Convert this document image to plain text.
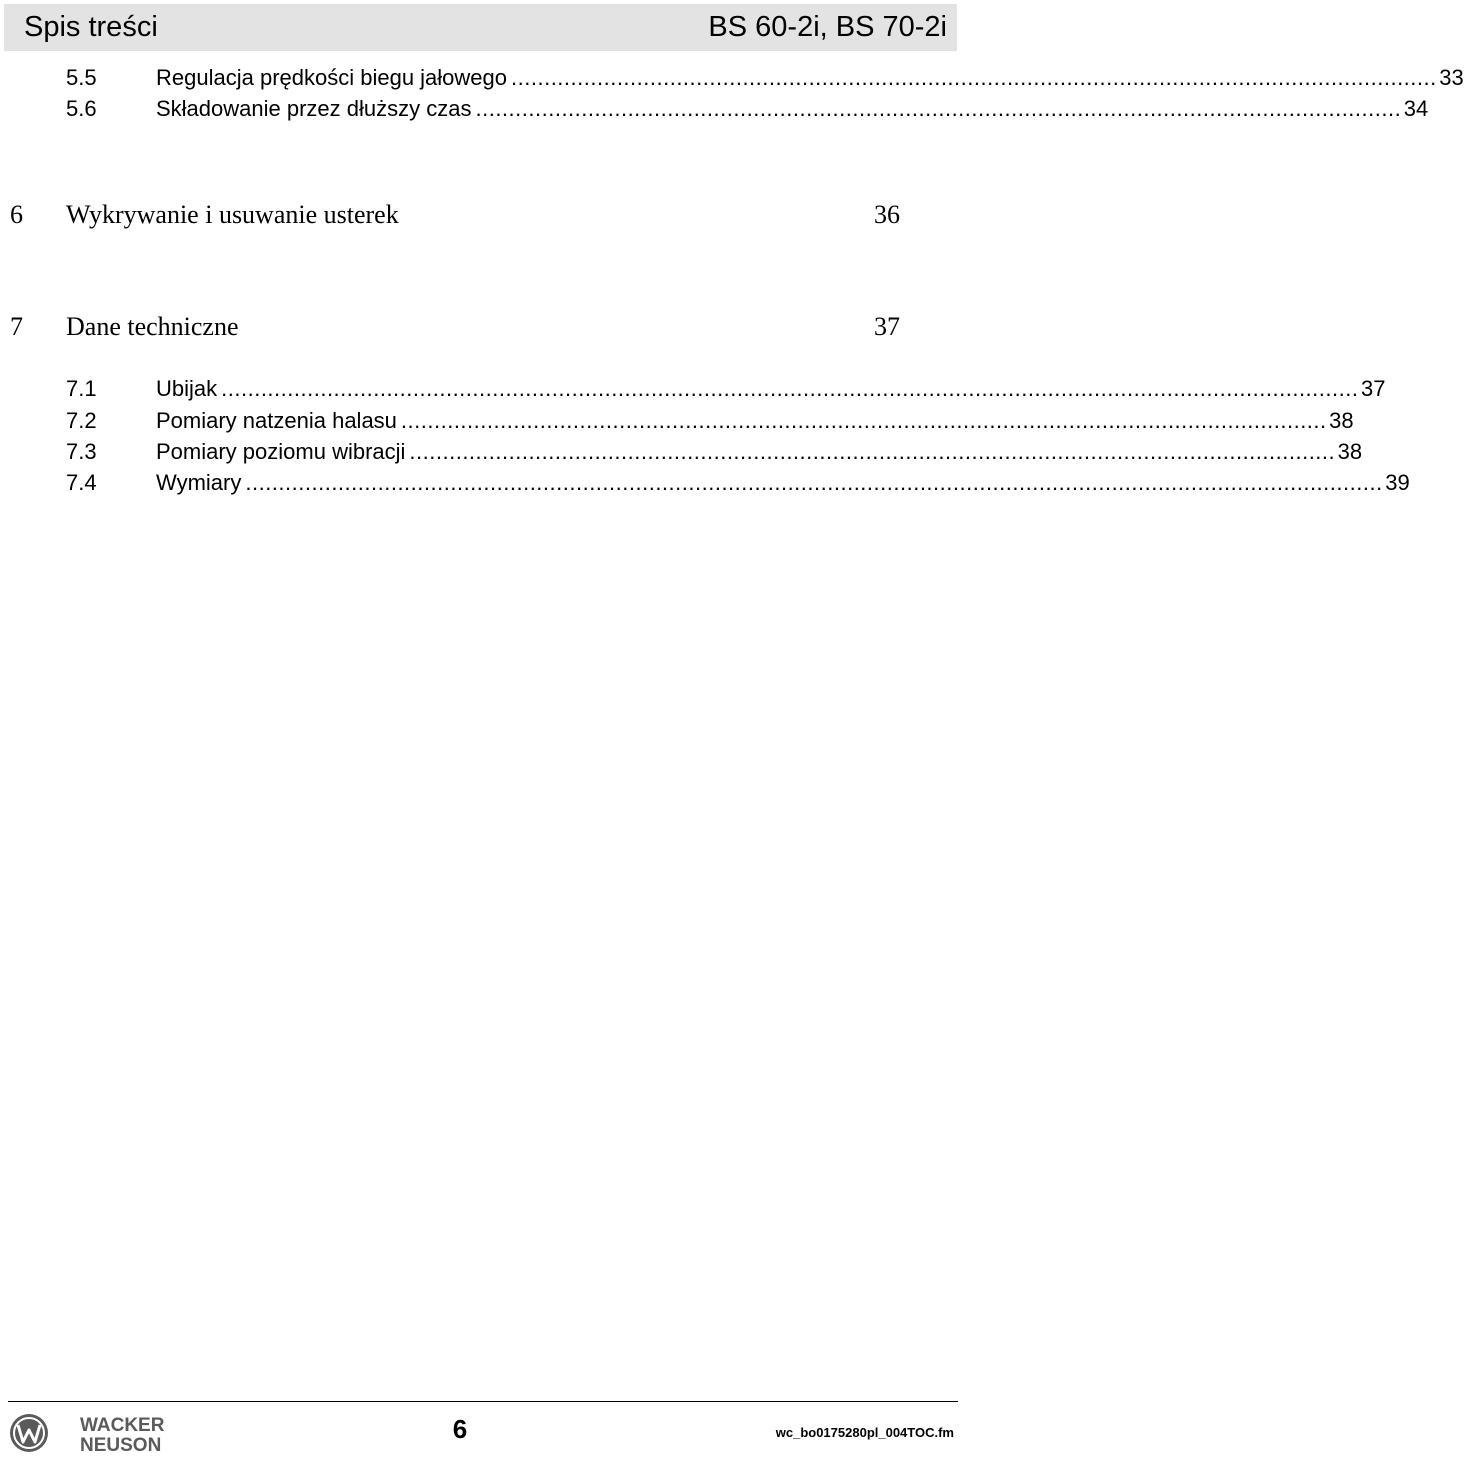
Spis treści	BS 60-2i, BS 70-2i
5.5	Regulacja prędkości biegu jałowego ............................................................................................................................................ 33
5.6	Składowanie przez dłuższy czas ............................................................................................................................................ 34
6	Wykrywanie i usuwanie usterek	36
7	Dane techniczne	37
7.1	Ubijak ............................................................................................................................................................................ 37
7.2	Pomiary natzenia halasu ............................................................................................................................................ 38
7.3	Pomiary poziomu wibracji ............................................................................................................................................ 38
7.4	Wymiary ............................................................................................................................................................................ 39
WACKER
NEUSON
6	wc_bo0175280pl_004TOC.fm
